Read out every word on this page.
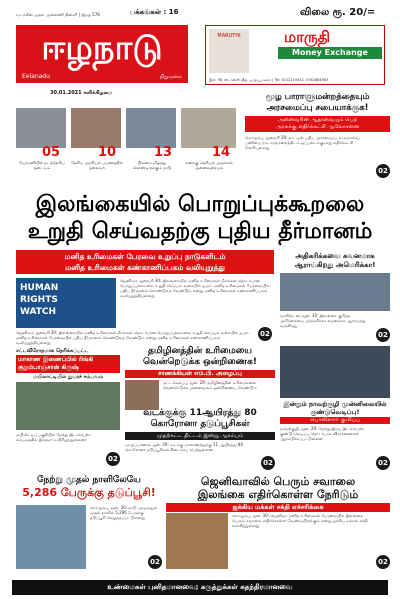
வடக்கின் முதல் முன்னணி தினசரி | இதழ் 578	பக்கங்கள் : 16	விலை ரூ. 20/=
ஈழநாடு
Eelanadu	நிறுவனம்
MARUTHI	மாருதி
Money Exchange
இல: 98, ஸ்டான்லி வீதி, யாழ்ப்பாணம் | Tel: 0212219432, 0762884983
30.01.2021 சனிக்கிழமை
05	10	13	14
யேர்மனியில் நடந்தேறிய தடையம்
தேசிய அரசியல் பயணத்தில் தலைவர்
நிலமை வீழ்ந்து கொண்டிருக்கும் நாடு
எனக்கு தெரியும் அவர்கள் அனைவரையும்
மூழ பாராளுமன்றத்தையும்
அரசமைப்பு சபையாக்குக!
அனைவரின் ஆதரவையும் பெற
அரசுக்கு எதிர்க்கட்சி ஆலோசனை
கொழும்பு, ஜனவரி 29: நாட்டின் புதிய அரசமைப்பு உருவாக்கப் பணியை நாடாளுமன்றத்திடம் ஒப்படைக்குமாறு எதிர்க்கட்சி கோரியுள்ளது
02
இலங்கையில் பொறுப்புக்கூறலை
உறுதி செய்வதற்கு புதிய தீர்மானம்
மனித உரிமைகள் பேரவை உறுப்பு நாடுகளிடம்
மனித உரிமைகள் கண்காணிப்பகம் வலியுறுத்து
HUMAN
RIGHTS
WATCH
ஜெனிவா, ஜனவரி 30: இலங்கையில் மனித உரிமைகள் மீறல்கள் தொடர்பான பொறுப்புக்கூறலை உறுதி செய்யும் வகையில் ஐ.நா. மனித உரிமைகள் பேரவையில் புதிய தீர்மானம் கொண்டுவர வேண்டும் என்று மனித உரிமைகள் கண்காணிப்பகம் வலியுறுத்தியுள்ளது
ஜெனிவா, ஜனவரி 30: இலங்கையில் மனித உரிமைகள் மீறல்கள் தொடர்பான பொறுப்புக்கூறலை உறுதி செய்யும் வகையில் ஐ.நா. மனித உரிமைகள் பேரவையில் புதிய தீர்மானம் கொண்டுவர வேண்டும் என்று மனித உரிமைகள் கண்காணிப்பகம் வலியுறுத்தியுள்ளது
02
அதிகரிக்கவை கவனமாக
ஆராய்கிறது அமெரிக்கா!
வாசிங்டன், ஜன. 30: இலங்கை குறித்த அறிக்கையை அமெரிக்கா கவனமாக ஆராய்ந்து வருகிறது
02
சட்டவிரோதமாக தெரிக்கப்பட்ட
மாகாண இணைப்பில் ரிங்கி குறும்பாஞ்சான் கிருஷ்
மயிலாட்டியில் துயரச் சம்பவம்
மயிலிட்டிப் பகுதியில் நேற்று இடம்பெற்ற சம்பவத்தில் இருவர் உயிரிழந்துள்ளனர்
02
தமிழினத்தின் உரிமையை வென்றெடுக்க ஒன்றிணைக!
சாணக்கியன் எம்.பி. அழைப்பு
மட்டக்களப்பு, ஜன. 29: தமிழினத்தின் உரிமைகளை வென்றெடுக்க அனைவரும் ஒன்றிணைய வேண்டும்
வடக்குக்கு 11ஆயிரத்து 80 கொரோனா தடுப்பூசிகள்
முதற்கட்ட திட்டம் இன்று ஆரம்பம்
யாழ்ப்பாணம், ஜன. 29: வடக்கு மாகாணத்துக்கு 11 ஆயிரத்து 80 கொரோனா தடுப்பூசிகள் கிடைக்கப் பெற்றுள்ளன
02
இன்றும் நாவற்குழி முன்னிலையில் குண்டுவெடிப்பு!
பொலிஸார் குவிப்பு
நாவற்குழி, ஜன. 29: நேற்று இரவு இடம்பெற்ற குண்டு வெடிப்பு தொடர்பாக விசாரணைகள் ஆரம்பிக்கப்பட்டுள்ளன
02
நேற்று முதல் நாளிலேயே
5,286 பேருக்கு தடுப்பூசி!
கொழும்பு, ஜன. 30: நாடு முழுவதும் முதல் நாளில் 5,286 பேருக்கு தடுப்பூசி செலுத்தப்பட்டுள்ளது
02
ஜெனிவாவில் பெரும் சவாலை
இலங்கை எதிர்கொள்ள நேரிடும்
ஐக்கிய மக்கள் சக்தி எச்சரிக்கை
கொழும்பு, ஜன. 30: ஜெனிவா மனித உரிமைகள் பேரவையில் இலங்கை பெரும் சவாலை எதிர்கொள்ள வேண்டியிருக்கும் என்று ஐக்கிய மக்கள் சக்தி எச்சரித்துள்ளது
02
உண்மைகள் புனிதமானவை; கருத்துக்கள் சுதந்திரமானவை
